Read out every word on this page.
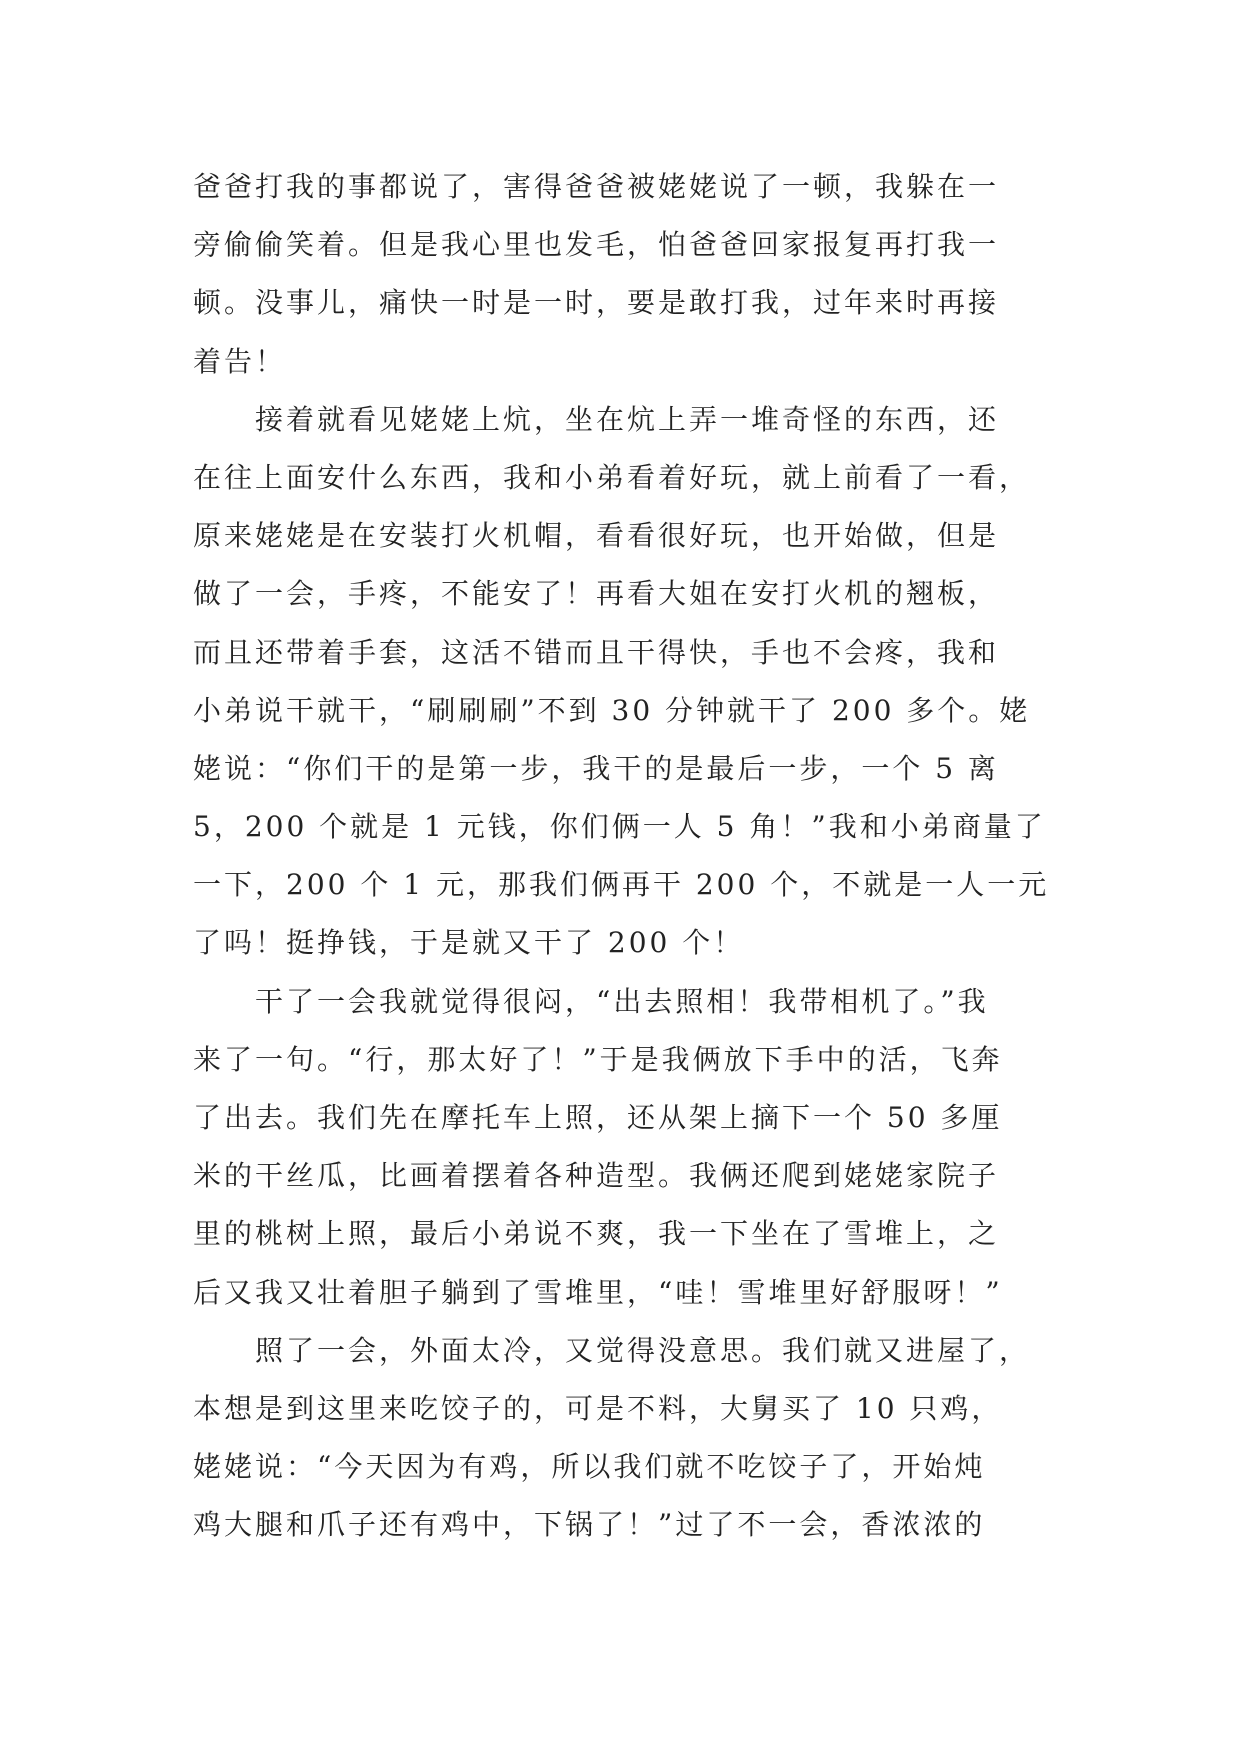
爸爸打我的事都说了，害得爸爸被姥姥说了一顿，我躲在一
旁偷偷笑着。但是我心里也发毛，怕爸爸回家报复再打我一
顿。没事儿，痛快一时是一时，要是敢打我，过年来时再接
着告！

接着就看见姥姥上炕，坐在炕上弄一堆奇怪的东西，还
在往上面安什么东西，我和小弟看着好玩，就上前看了一看，
原来姥姥是在安装打火机帽，看看很好玩，也开始做，但是
做了一会，手疼，不能安了！再看大姐在安打火机的翘板，
而且还带着手套，这活不错而且干得快，手也不会疼，我和
小弟说干就干，“刷刷刷”不到 30 分钟就干了 200 多个。姥
姥说：“你们干的是第一步，我干的是最后一步，一个 5 离
5，200 个就是 1 元钱，你们俩一人 5 角！”我和小弟商量了
一下，200 个 1 元，那我们俩再干 200 个，不就是一人一元
了吗！挺挣钱，于是就又干了 200 个！

干了一会我就觉得很闷，“出去照相！我带相机了。”我
来了一句。“行，那太好了！”于是我俩放下手中的活，飞奔
了出去。我们先在摩托车上照，还从架上摘下一个 50 多厘
米的干丝瓜，比画着摆着各种造型。我俩还爬到姥姥家院子
里的桃树上照，最后小弟说不爽，我一下坐在了雪堆上，之
后又我又壮着胆子躺到了雪堆里，“哇！雪堆里好舒服呀！”

照了一会，外面太冷，又觉得没意思。我们就又进屋了，
本想是到这里来吃饺子的，可是不料，大舅买了 10 只鸡，
姥姥说：“今天因为有鸡，所以我们就不吃饺子了，开始炖
鸡大腿和爪子还有鸡中，下锅了！”过了不一会，香浓浓的
